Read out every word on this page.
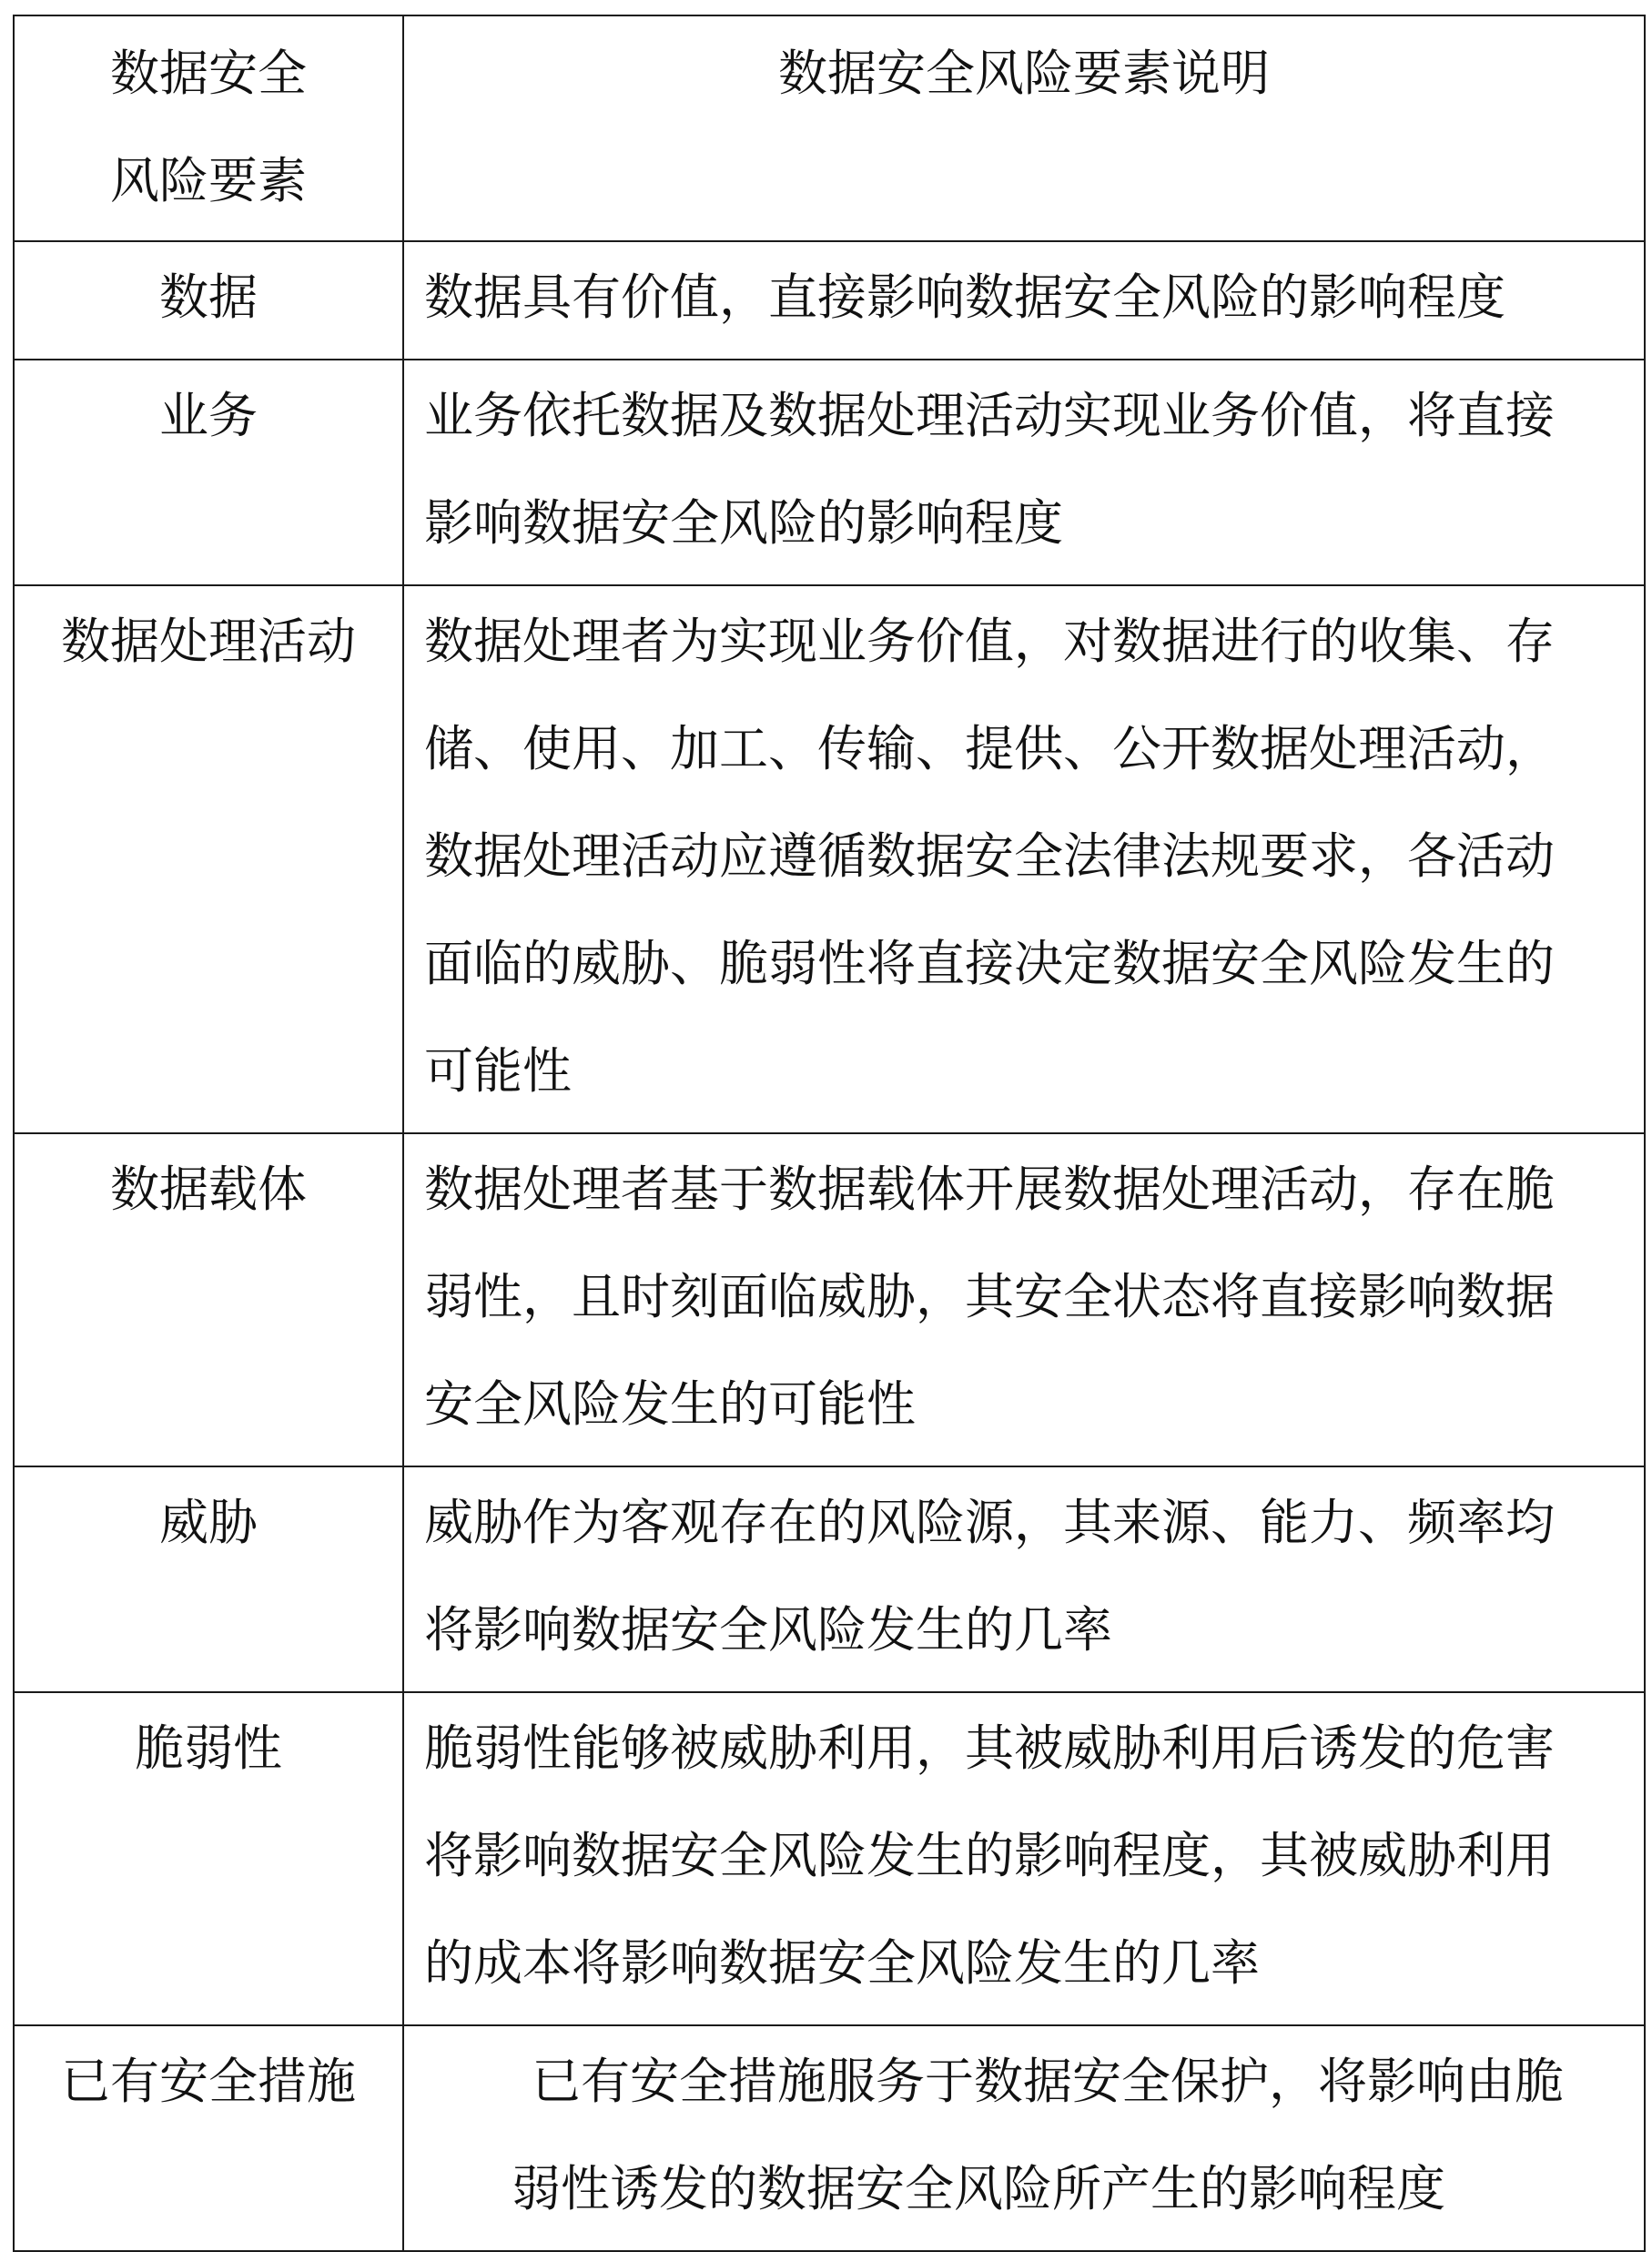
数据安全
风险要素	数据安全风险要素说明

数据	数据具有价值，直接影响数据安全风险的影响程度

业务	业务依托数据及数据处理活动实现业务价值，将直接
影响数据安全风险的影响程度

数据处理活动	数据处理者为实现业务价值，对数据进行的收集、存
储、使用、加工、传输、提供、公开数据处理活动，
数据处理活动应遵循数据安全法律法规要求，各活动
面临的威胁、脆弱性将直接决定数据安全风险发生的
可能性

数据载体	数据处理者基于数据载体开展数据处理活动，存在脆
弱性，且时刻面临威胁，其安全状态将直接影响数据
安全风险发生的可能性

威胁	威胁作为客观存在的风险源，其来源、能力、频率均
将影响数据安全风险发生的几率

脆弱性	脆弱性能够被威胁利用，其被威胁利用后诱发的危害
将影响数据安全风险发生的影响程度，其被威胁利用
的成本将影响数据安全风险发生的几率

已有安全措施	已有安全措施服务于数据安全保护，将影响由脆
弱性诱发的数据安全风险所产生的影响程度
